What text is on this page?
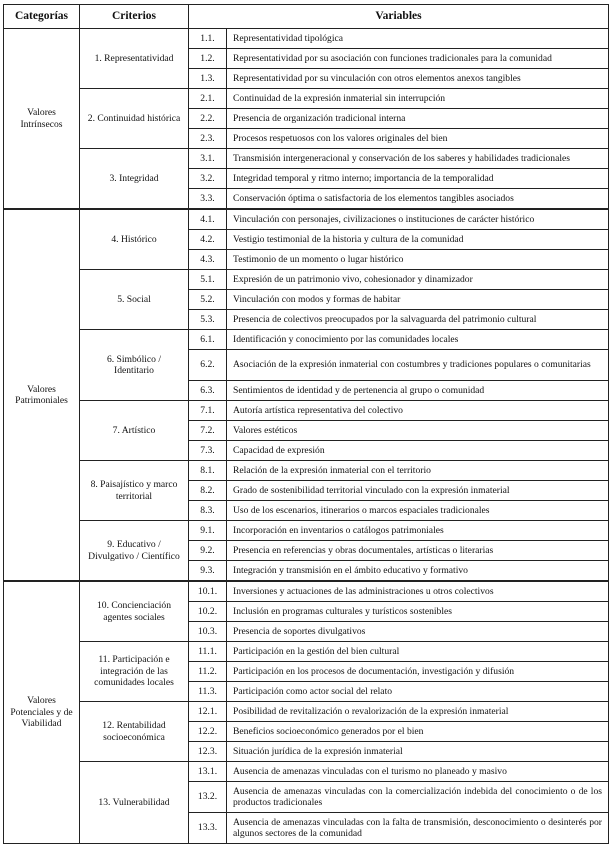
Categorías	Criterios	Variables	
Valores Intrínsecos	1. Representatividad	1.1.	Representatividad tipológica
		1.2.	Representatividad por su asociación con funciones tradicionales para la comunidad
		1.3.	Representatividad por su vinculación con otros elementos anexos tangibles
	2. Continuidad histórica	2.1.	Continuidad de la expresión inmaterial sin interrupción
		2.2.	Presencia de organización tradicional interna
		2.3.	Procesos respetuosos con los valores originales del bien
	3. Integridad	3.1.	Transmisión intergeneracional y conservación de los saberes y habilidades tradicionales
		3.2.	Integridad temporal y ritmo interno; importancia de la temporalidad
		3.3.	Conservación óptima o satisfactoria de los elementos tangibles asociados
Valores Patrimoniales	4. Histórico	4.1.	Vinculación con personajes, civilizaciones o instituciones de carácter histórico
		4.2.	Vestigio testimonial de la historia y cultura de la comunidad
		4.3.	Testimonio de un momento o lugar histórico
	5. Social	5.1.	Expresión de un patrimonio vivo, cohesionador y dinamizador
		5.2.	Vinculación con modos y formas de habitar
		5.3.	Presencia de colectivos preocupados por la salvaguarda del patrimonio cultural
	6. Simbólico / Identitario	6.1.	Identificación y conocimiento por las comunidades locales
		6.2.	Asociación de la expresión inmaterial con costumbres y tradiciones populares o comunitarias
		6.3.	Sentimientos de identidad y de pertenencia al grupo o comunidad
	7. Artístico	7.1.	Autoría artística representativa del colectivo
		7.2.	Valores estéticos
		7.3.	Capacidad de expresión
	8. Paisajístico y marco territorial	8.1.	Relación de la expresión inmaterial con el territorio
		8.2.	Grado de sostenibilidad territorial vinculado con la expresión inmaterial
		8.3.	Uso de los escenarios, itinerarios o marcos espaciales tradicionales
	9. Educativo / Divulgativo / Científico	9.1.	Incorporación en inventarios o catálogos patrimoniales
		9.2.	Presencia en referencias y obras documentales, artísticas o literarias
		9.3.	Integración y transmisión en el ámbito educativo y formativo
Valores Potenciales y de Viabilidad	10. Concienciación agentes sociales	10.1.	Inversiones y actuaciones de las administraciones u otros colectivos
		10.2.	Inclusión en programas culturales y turísticos sostenibles
		10.3.	Presencia de soportes divulgativos
	11. Participación e integración de las comunidades locales	11.1.	Participación en la gestión del bien cultural
		11.2.	Participación en los procesos de documentación, investigación y difusión
		11.3.	Participación como actor social del relato
	12. Rentabilidad socioeconómica	12.1.	Posibilidad de revitalización o revalorización de la expresión inmaterial
		12.2.	Beneficios socioeconómico generados por el bien
		12.3.	Situación jurídica de la expresión inmaterial
	13. Vulnerabilidad	13.1.	Ausencia de amenazas vinculadas con el turismo no planeado y masivo
		13.2.	Ausencia de amenazas vinculadas con la comercialización indebida del conocimiento o de los productos tradicionales
		13.3.	Ausencia de amenazas vinculadas con la falta de transmisión, desconocimiento o desinterés por algunos sectores de la comunidad
